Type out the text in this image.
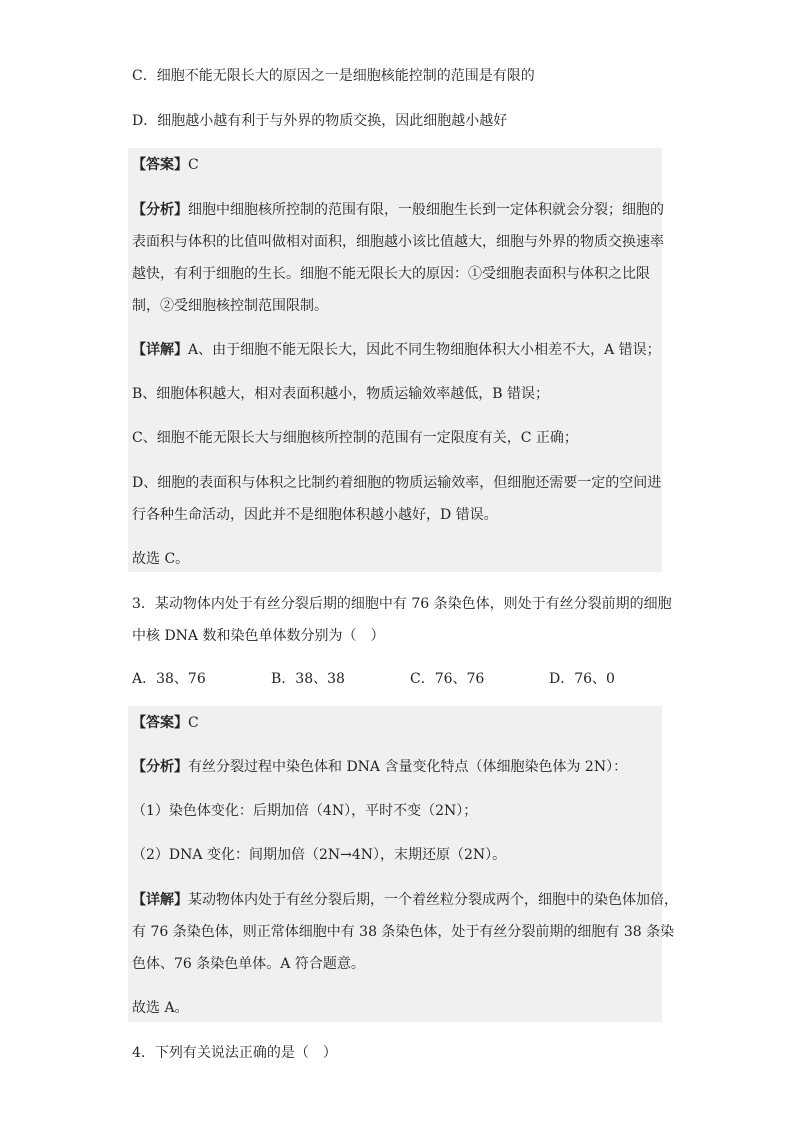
C．细胞不能无限长大的原因之一是细胞核能控制的范围是有限的
D．细胞越小越有利于与外界的物质交换，因此细胞越小越好
【答案】C
【分析】细胞中细胞核所控制的范围有限，一般细胞生长到一定体积就会分裂；细胞的
表面积与体积的比值叫做相对面积，细胞越小该比值越大，细胞与外界的物质交换速率
越快，有利于细胞的生长。细胞不能无限长大的原因：①受细胞表面积与体积之比限
制，②受细胞核控制范围限制。
【详解】A、由于细胞不能无限长大，因此不同生物细胞体积大小相差不大，A 错误；
B、细胞体积越大，相对表面积越小，物质运输效率越低，B 错误；
C、细胞不能无限长大与细胞核所控制的范围有一定限度有关，C 正确；
D、细胞的表面积与体积之比制约着细胞的物质运输效率，但细胞还需要一定的空间进
行各种生命活动，因此并不是细胞体积越小越好，D 错误。
故选 C。
3．某动物体内处于有丝分裂后期的细胞中有 76 条染色体，则处于有丝分裂前期的细胞
中核 DNA 数和染色单体数分别为（　）
A．38、76	B．38、38	C．76、76	D．76、0
【答案】C
【分析】有丝分裂过程中染色体和 DNA 含量变化特点（体细胞染色体为 2N）：
（1）染色体变化：后期加倍（4N），平时不变（2N）；
（2）DNA 变化：间期加倍（2N→4N），末期还原（2N）。
【详解】某动物体内处于有丝分裂后期，一个着丝粒分裂成两个，细胞中的染色体加倍，
有 76 条染色体，则正常体细胞中有 38 条染色体，处于有丝分裂前期的细胞有 38 条染
色体、76 条染色单体。A 符合题意。
故选 A。
4．下列有关说法正确的是（　）
